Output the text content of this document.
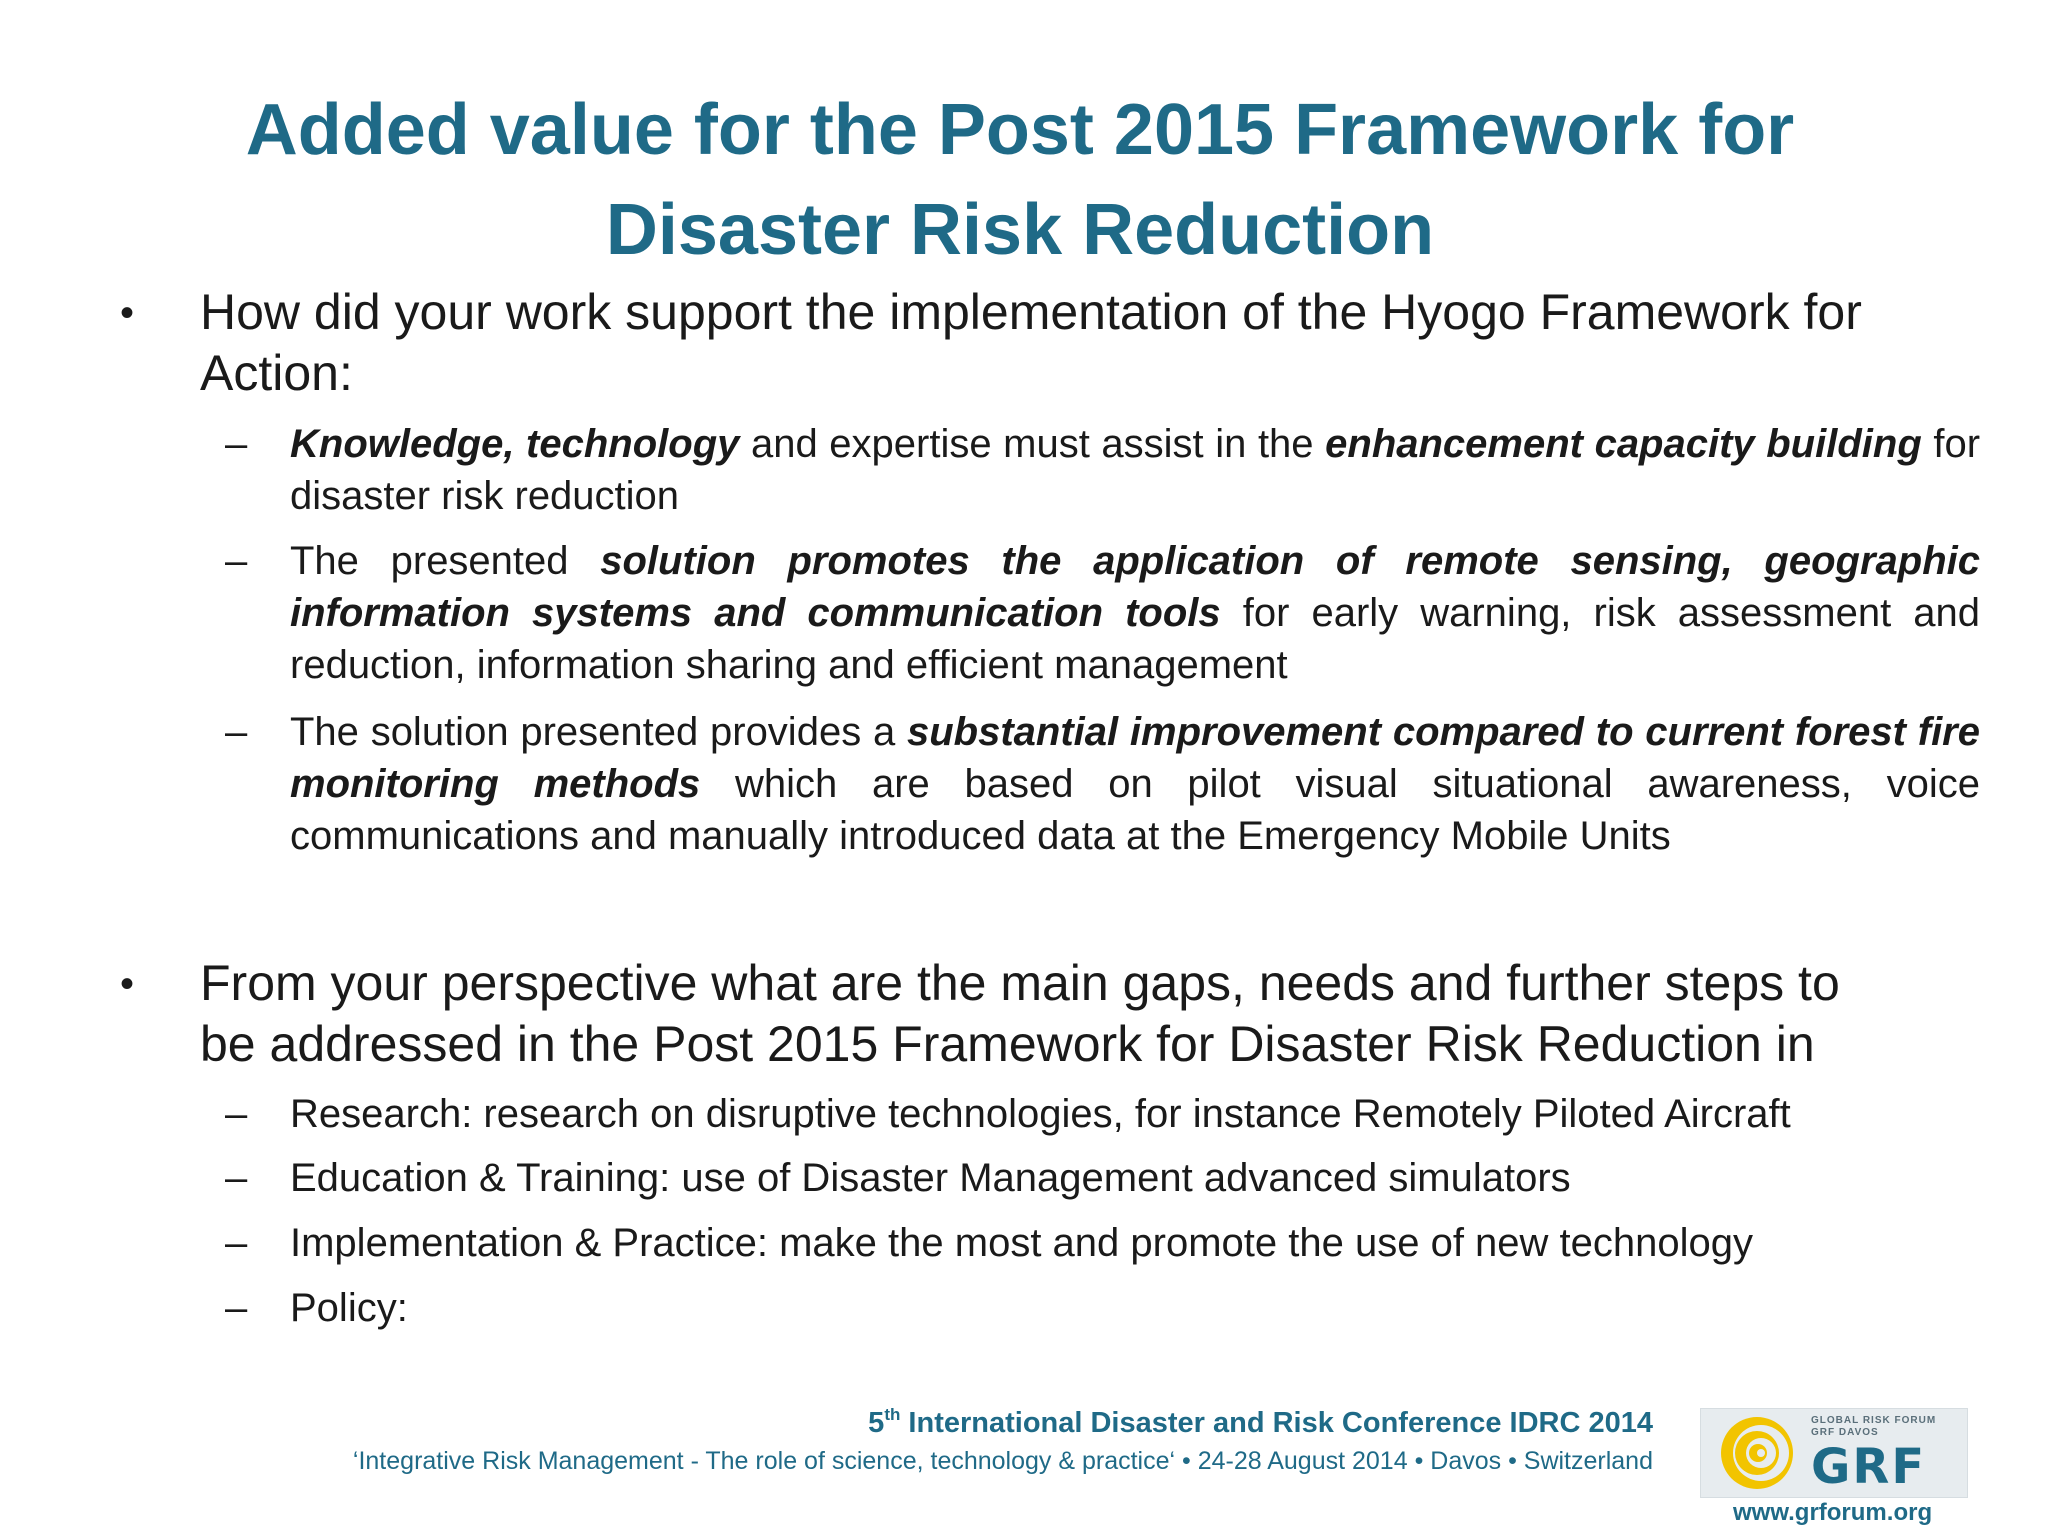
Added value for the Post 2015 Framework for
Disaster Risk Reduction
•	How did your work support the implementation of the Hyogo Framework for
Action:
– Knowledge, technology and expertise must assist in the enhancement capacity building for disaster risk reduction
– The presented solution promotes the application of remote sensing, geographic information systems and communication tools for early warning, risk assessment and reduction, information sharing and efficient management
– The solution presented provides a substantial improvement compared to current forest fire monitoring methods which are based on pilot visual situational awareness, voice communications and manually introduced data at the Emergency Mobile Units
•	From your perspective what are the main gaps, needs and further steps to
be addressed in the Post 2015 Framework for Disaster Risk Reduction in
– Research: research on disruptive technologies, for instance Remotely Piloted Aircraft
– Education & Training: use of Disaster Management advanced simulators
– Implementation & Practice: make the most and promote the use of new technology
– Policy:
5th International Disaster and Risk Conference IDRC 2014
‘Integrative Risk Management - The role of science, technology & practice‘ • 24-28 August 2014 • Davos • Switzerland
GLOBAL RISK FORUM GRF DAVOS
GRF
www.grforum.org
